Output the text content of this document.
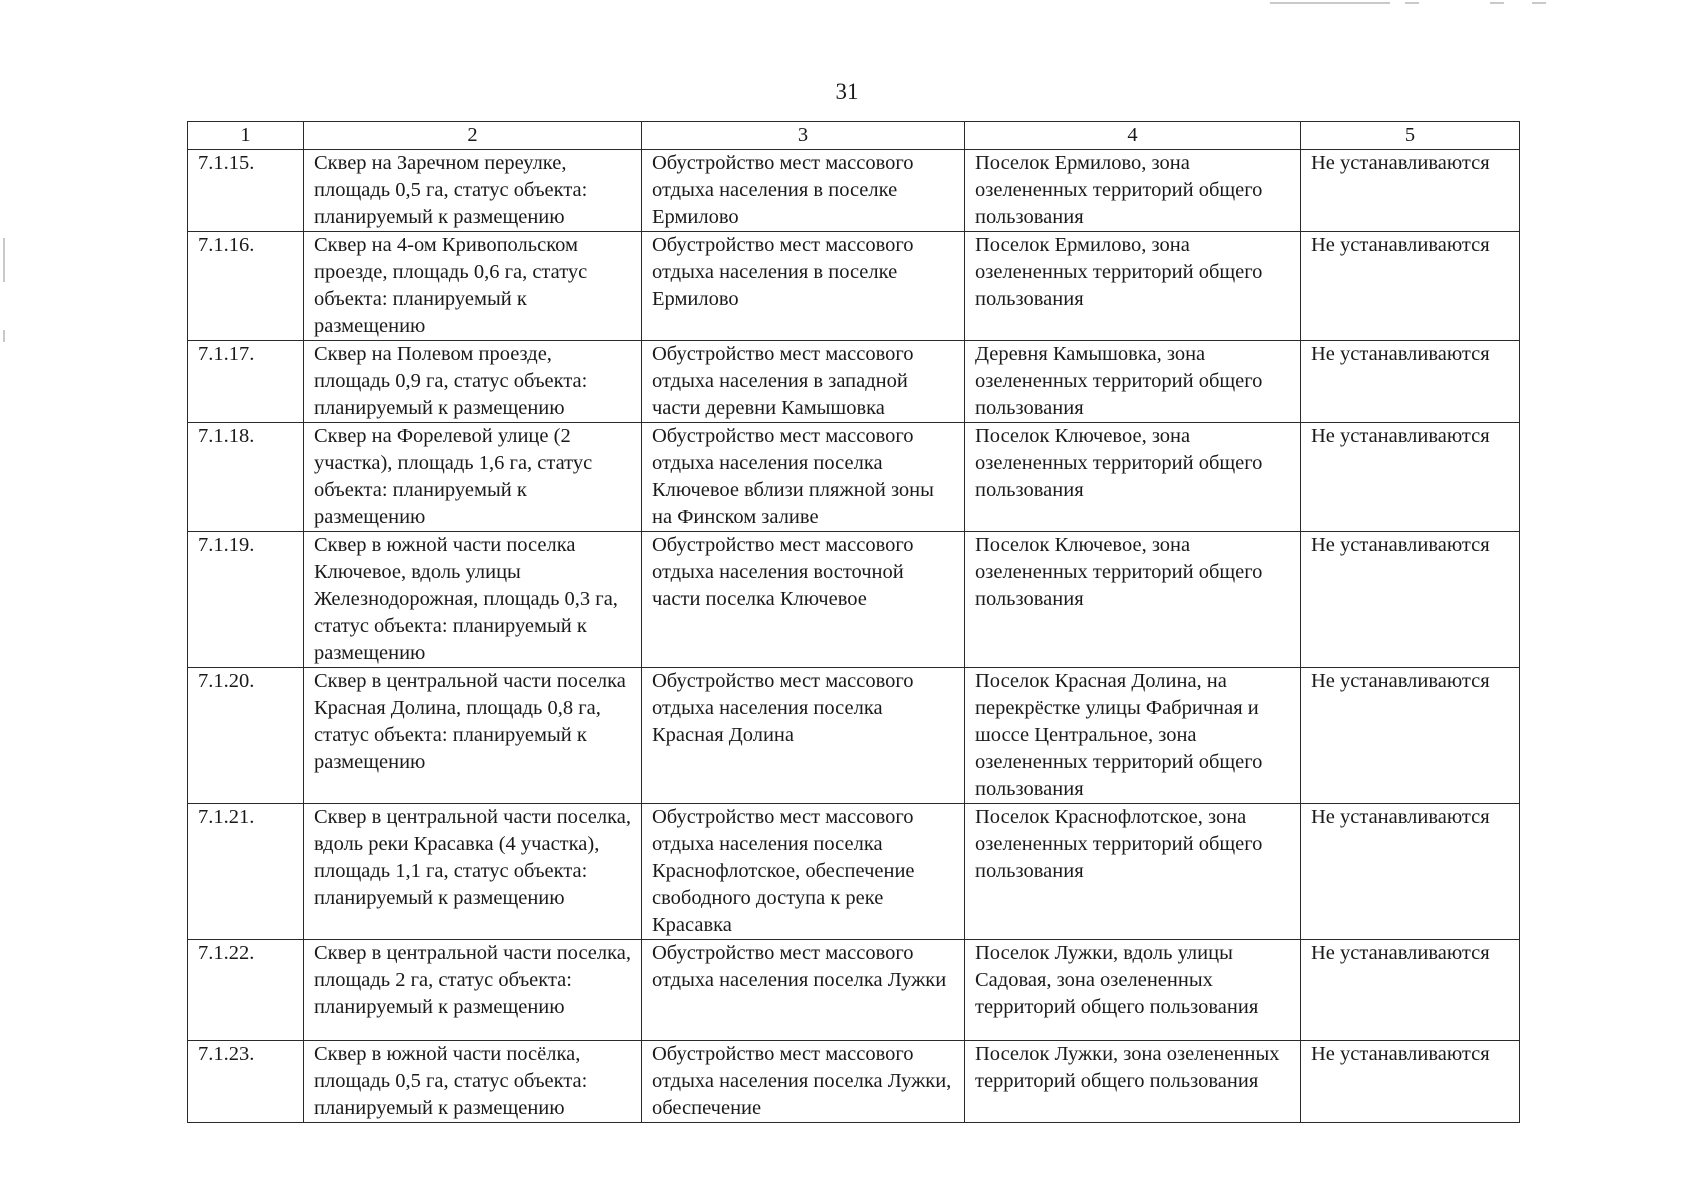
31
1	2	3	4	5
7.1.15.	Сквер на Заречном переулке, площадь 0,5 га, статус объекта: планируемый к размещению	Обустройство мест массового отдыха населения в поселке Ермилово	Поселок Ермилово, зона озелененных территорий общего пользования	Не устанавливаются
7.1.16.	Сквер на 4-ом Кривопольском проезде, площадь 0,6 га, статус объекта: планируемый к размещению	Обустройство мест массового отдыха населения в поселке Ермилово	Поселок Ермилово, зона озелененных территорий общего пользования	Не устанавливаются
7.1.17.	Сквер на Полевом проезде, площадь 0,9 га, статус объекта: планируемый к размещению	Обустройство мест массового отдыха населения в западной части деревни Камышовка	Деревня Камышовка, зона озелененных территорий общего пользования	Не устанавливаются
7.1.18.	Сквер на Форелевой улице (2 участка), площадь 1,6 га, статус объекта: планируемый к размещению	Обустройство мест массового отдыха населения поселка Ключевое вблизи пляжной зоны на Финском заливе	Поселок Ключевое, зона озелененных территорий общего пользования	Не устанавливаются
7.1.19.	Сквер в южной части поселка Ключевое, вдоль улицы Железнодорожная, площадь 0,3 га, статус объекта: планируемый к размещению	Обустройство мест массового отдыха населения восточной части поселка Ключевое	Поселок Ключевое, зона озелененных территорий общего пользования	Не устанавливаются
7.1.20.	Сквер в центральной части поселка Красная Долина, площадь 0,8 га, статус объекта: планируемый к размещению	Обустройство мест массового отдыха населения поселка Красная Долина	Поселок Красная Долина, на перекрёстке улицы Фабричная и шоссе Центральное, зона озелененных территорий общего пользования	Не устанавливаются
7.1.21.	Сквер в центральной части поселка, вдоль реки Красавка (4 участка), площадь 1,1 га, статус объекта: планируемый к размещению	Обустройство мест массового отдыха населения поселка Краснофлотское, обеспечение свободного доступа к реке Красавка	Поселок Краснофлотское, зона озелененных территорий общего пользования	Не устанавливаются
7.1.22.	Сквер в центральной части поселка, площадь 2 га, статус объекта: планируемый к размещению	Обустройство мест массового отдыха населения поселка Лужки	Поселок Лужки, вдоль улицы Садовая, зона озелененных территорий общего пользования	Не устанавливаются
7.1.23.	Сквер в южной части посёлка, площадь 0,5 га, статус объекта: планируемый к размещению	Обустройство мест массового отдыха населения поселка Лужки, обеспечение	Поселок Лужки, зона озелененных территорий общего пользования	Не устанавливаются
